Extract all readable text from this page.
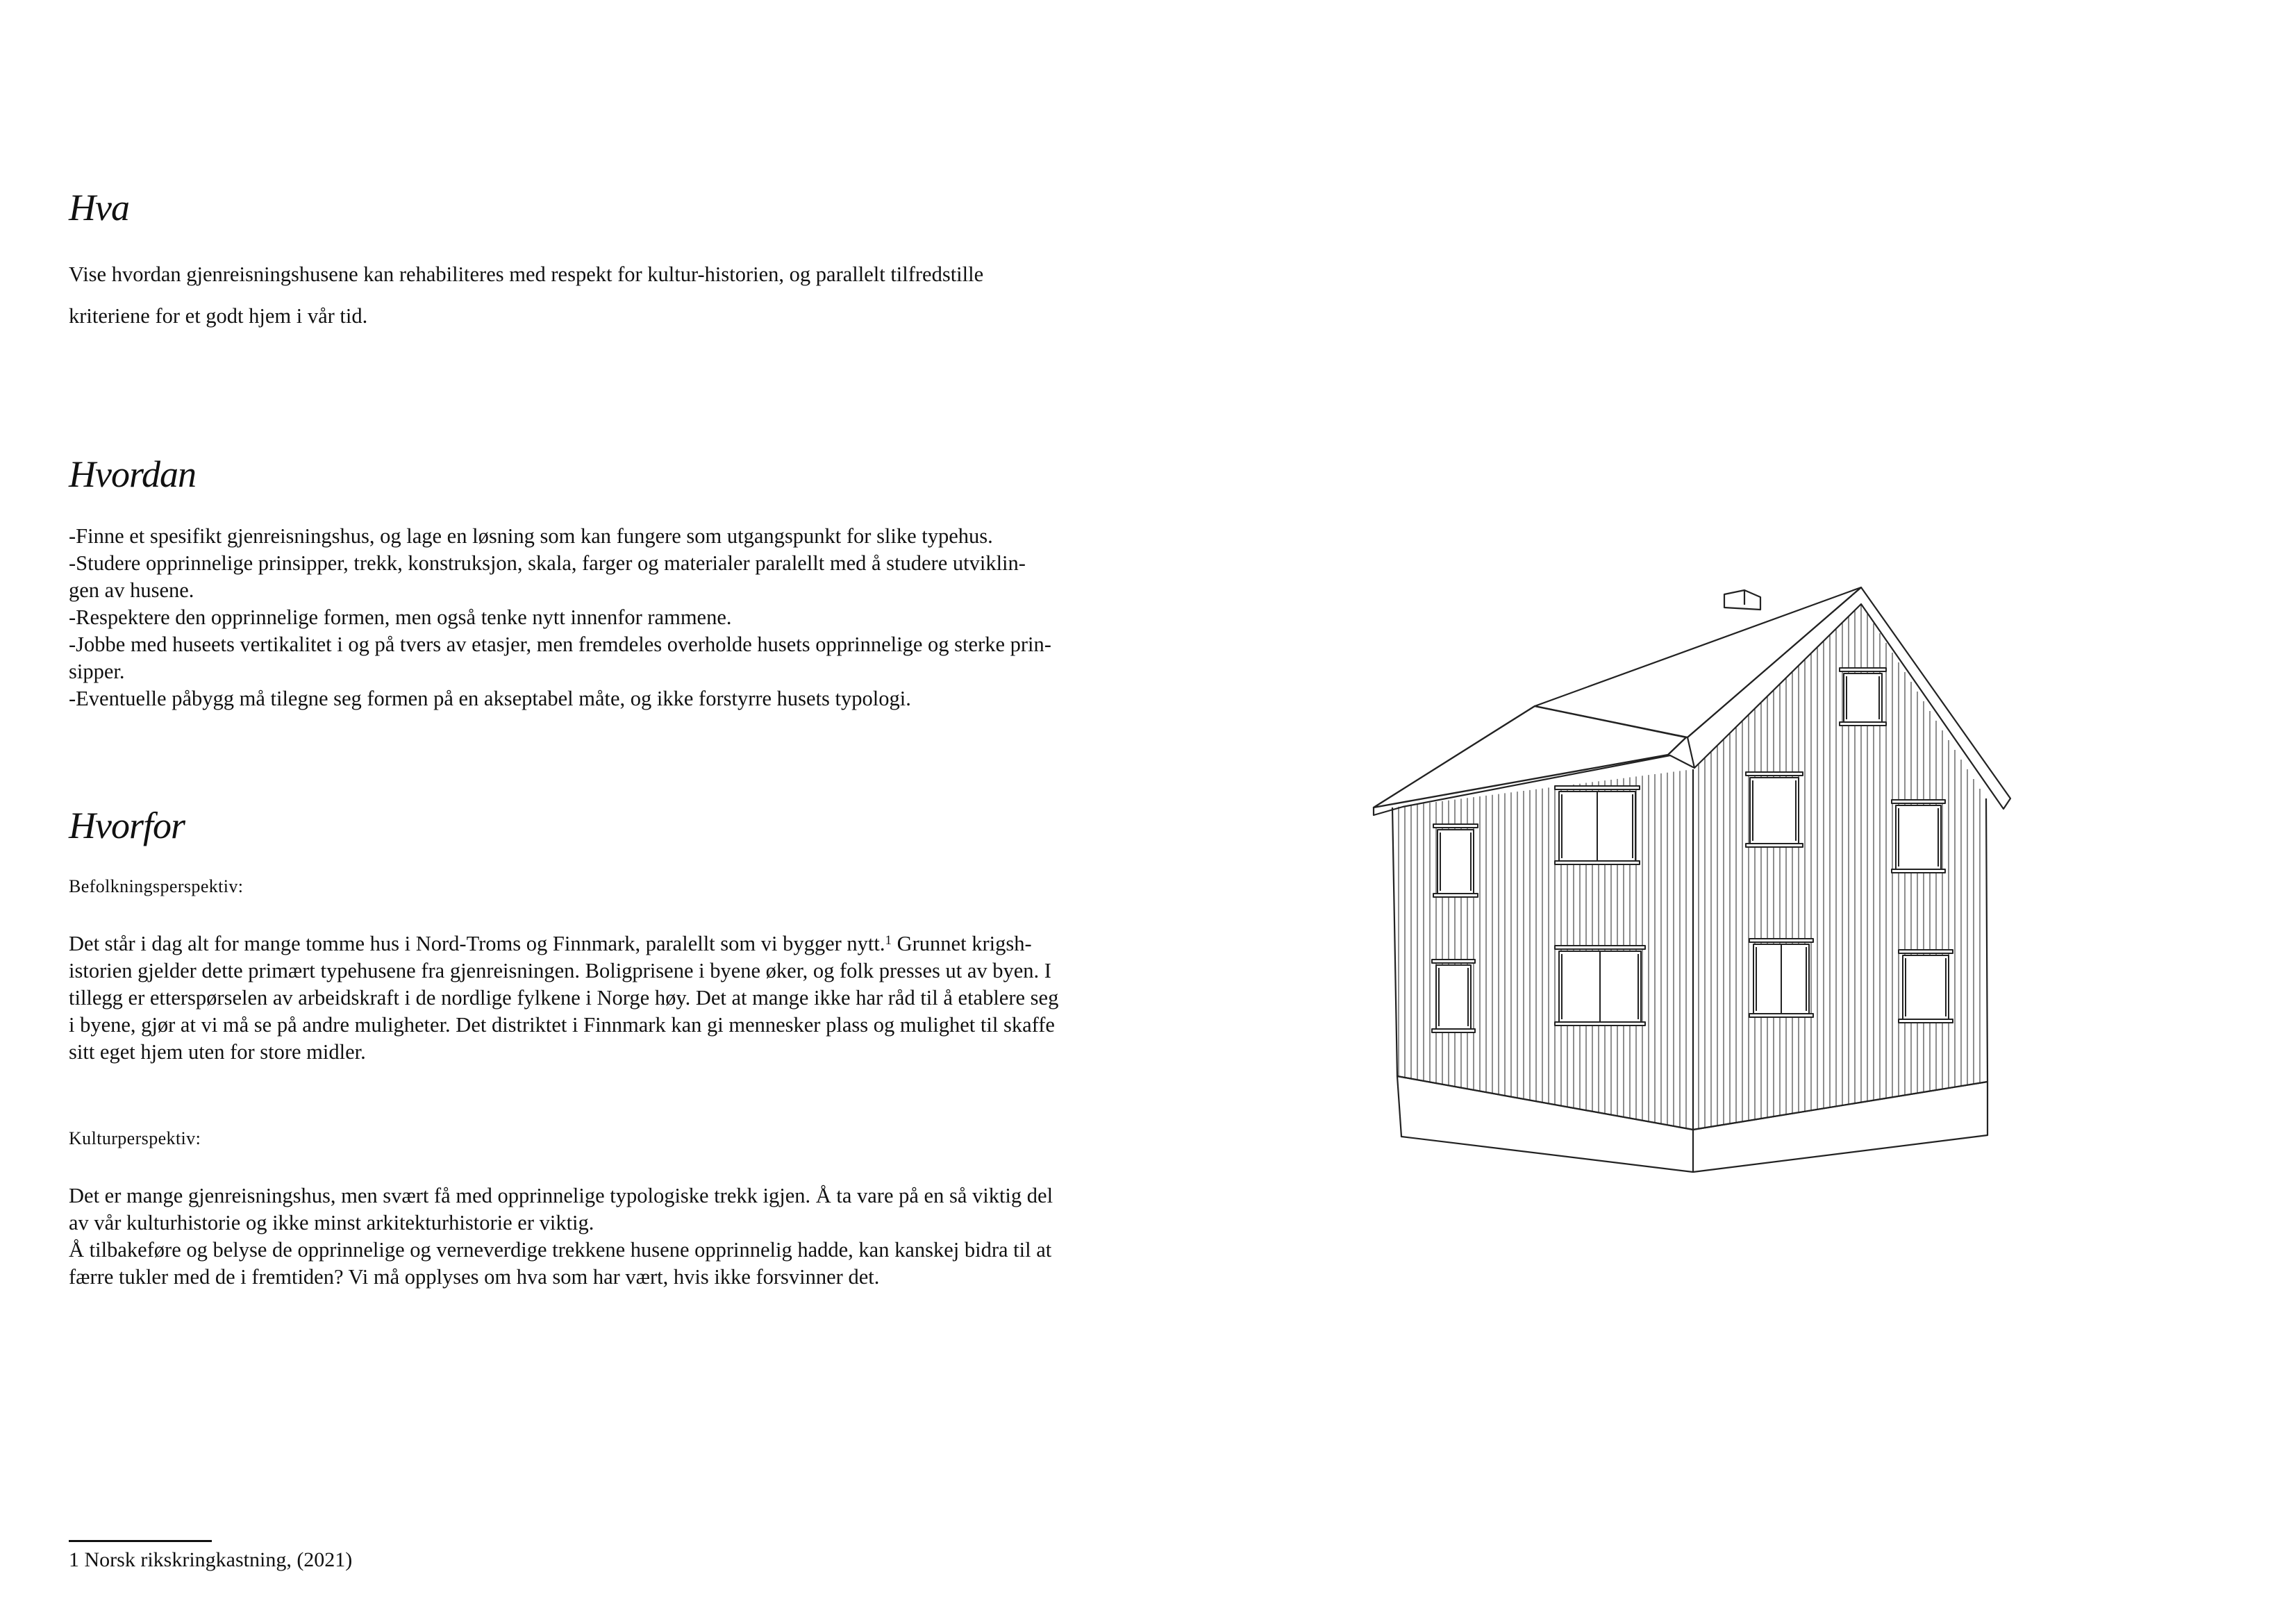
Hva

Vise hvordan gjenreisningshusene kan rehabiliteres med respekt for kultur-historien, og parallelt tilfredstille
kriteriene for et godt hjem i vår tid.

Hvordan

-Finne et spesifikt gjenreisningshus, og lage en løsning som kan fungere som utgangspunkt for slike typehus.
-Studere opprinnelige prinsipper, trekk, konstruksjon, skala, farger og materialer paralellt med å studere utviklin-
gen av husene.
-Respektere den opprinnelige formen, men også tenke nytt innenfor rammene.
-Jobbe med huseets vertikalitet i og på tvers av etasjer, men fremdeles overholde husets opprinnelige og sterke prin-
sipper.
-Eventuelle påbygg må tilegne seg formen på en akseptabel måte, og ikke forstyrre husets typologi.

Hvorfor

Befolkningsperspektiv:

Det står i dag alt for mange tomme hus i Nord-Troms og Finnmark, paralellt som vi bygger nytt.$^1$ Grunnet krigsh-
istorien gjelder dette primært typehusene fra gjenreisningen. Boligprisene i byene øker, og folk presses ut av byen. I
tillegg er etterspørselen av arbeidskraft i de nordlige fylkene i Norge høy. Det at mange ikke har råd til å etablere seg
i byene, gjør at vi må se på andre muligheter. Det distriktet i Finnmark kan gi mennesker plass og mulighet til skaffe
sitt eget hjem uten for store midler.

Kulturperspektiv:

Det er mange gjenreisningshus, men svært få med opprinnelige typologiske trekk igjen. Å ta vare på en så viktig del
av vår kulturhistorie og ikke minst arkitekturhistorie er viktig.
Å tilbakeføre og belyse de opprinnelige og verneverdige trekkene husene opprinnelig hadde, kan kanskej bidra til at
færre tukler med de i fremtiden? Vi må opplyses om hva som har vært, hvis ikke forsvinner det.

1 Norsk rikskringkastning, (2021)
